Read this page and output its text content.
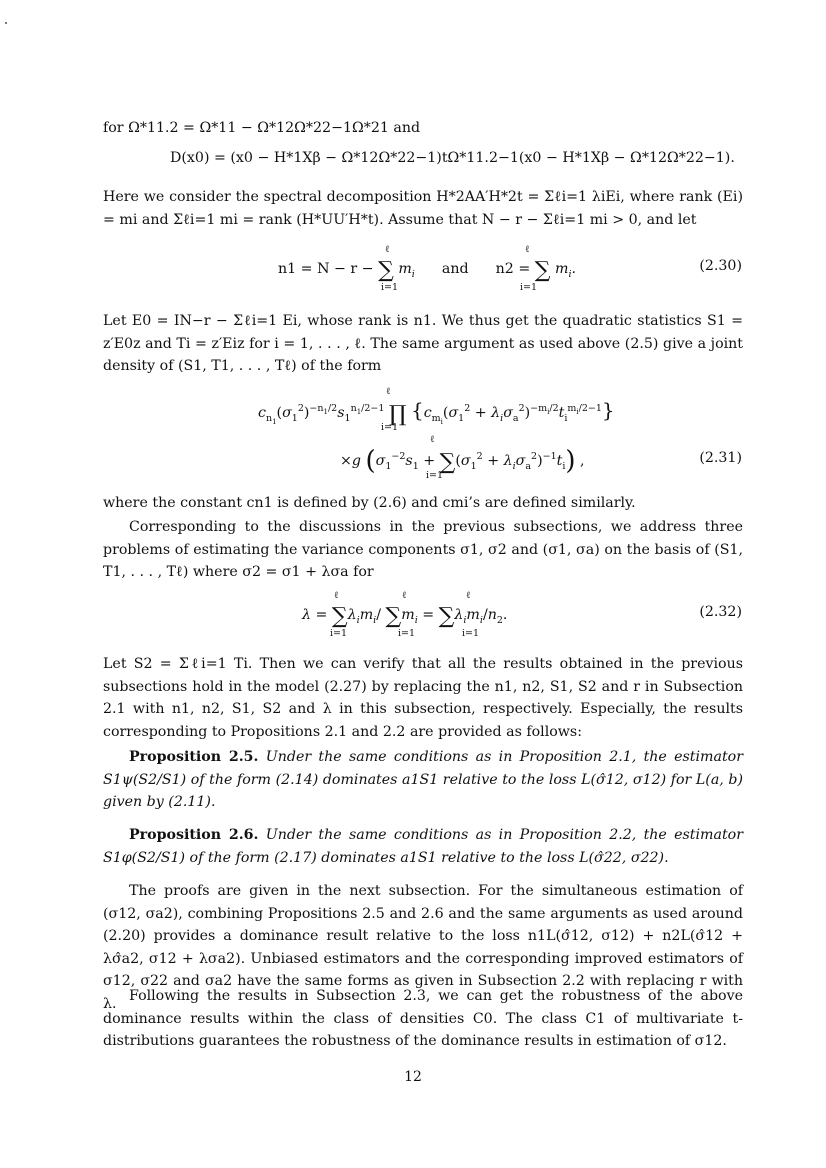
for Ω*11.2 = Ω*11 − Ω*12Ω*22−1Ω*21 and
D(x0) = (x0 − H*1Xβ − Ω*12Ω*22−1)tΩ*11.2−1(x0 − H*1Xβ − Ω*12Ω*22−1).
Here we consider the spectral decomposition H*2AA′H*2t = Σℓi=1 λiEi, where rank (Ei) = mi and Σℓi=1 mi = rank (H*UU′H*t). Assume that N − r − Σℓi=1 mi > 0, and let
n1 = N − r − ∑ $m_i$ and n2 = ∑ $m_i$.
ℓ
i=1
ℓ
i=1
(2.30)
Let E0 = IN−r − Σℓi=1 Ei, whose rank is n1. We thus get the quadratic statistics S1 = z′E0z and Ti = z′Eiz for i = 1, . . . , ℓ. The same argument as used above (2.5) give a joint density of (S1, T1, . . . , Tℓ) of the form
$c_{n_1}(\sigma_1^2)^{-n_1/2}s_1^{n_1/2-1}$ ∏ $\{c_{m_i}(\sigma_1^2 + \lambda_i\sigma_a^2)^{-m_i/2}t_i^{m_i/2-1}\}$
ℓ
i=1
×g $(\sigma_1^{-2}s_1 + \sum(\sigma_1^2 + \lambda_i\sigma_a^2)^{-1}t_i)$ ,
ℓ
i=1
(2.31)
where the constant cn1 is defined by (2.6) and cmi’s are defined similarly.
Corresponding to the discussions in the previous subsections, we address three problems of estimating the variance components σ1, σ2 and (σ1, σa) on the basis of (S1, T1, . . . , Tℓ) where σ2 = σ1 + λσa for
$\lambda = \sum\lambda_im_i/$ $\sum m_i = \sum\lambda_im_i/n_2$.
ℓ
i=1
ℓ
i=1
ℓ
i=1
(2.32)
Let S2 = Σℓi=1 Ti. Then we can verify that all the results obtained in the previous subsections hold in the model (2.27) by replacing the n1, n2, S1, S2 and r in Subsection 2.1 with n1, n2, S1, S2 and λ in this subsection, respectively. Especially, the results corresponding to Propositions 2.1 and 2.2 are provided as follows:
Proposition 2.5. Under the same conditions as in Proposition 2.1, the estimator S1ψ(S2/S1) of the form (2.14) dominates a1S1 relative to the loss L(σ̂12, σ12) for L(a, b) given by (2.11).
Proposition 2.6. Under the same conditions as in Proposition 2.2, the estimator S1φ(S2/S1) of the form (2.17) dominates a1S1 relative to the loss L(σ̂22, σ22).
The proofs are given in the next subsection. For the simultaneous estimation of (σ12, σa2), combining Propositions 2.5 and 2.6 and the same arguments as used around (2.20) provides a dominance result relative to the loss n1L(σ̂12, σ12) + n2L(σ̂12 + λσ̂a2, σ12 + λσa2). Unbiased estimators and the corresponding improved estimators of σ12, σ22 and σa2 have the same forms as given in Subsection 2.2 with replacing r with λ. Following the results in Subsection 2.3, we can get the robustness of the above dominance results within the class of densities C0. The class C1 of multivariate t-distributions guarantees the robustness of the dominance results in estimation of σ12.
12
